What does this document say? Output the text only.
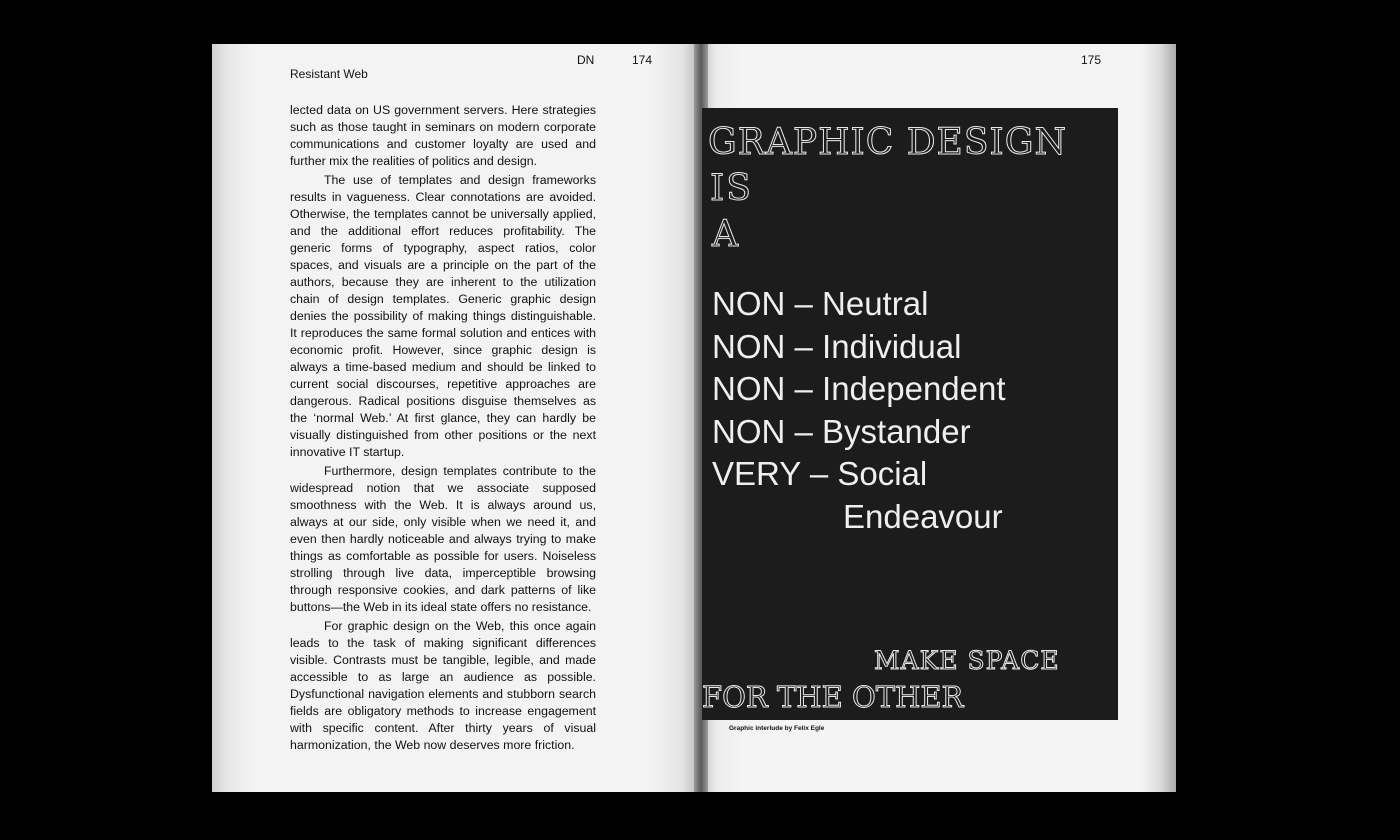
Resistant Web
DN	174

lected data on US government servers. Here strategies such as those taught in seminars on modern corporate communications and customer loyalty are used and further mix the realities of politics and design.

The use of templates and design frameworks results in vagueness. Clear connotations are avoided. Otherwise, the templates cannot be universally applied, and the additional effort reduces profitability. The generic forms of typography, aspect ratios, color spaces, and visuals are a principle on the part of the authors, because they are inherent to the utilization chain of design templates. Generic graphic design denies the possibility of making things distinguishable. It reproduces the same formal solution and entices with economic profit. However, since graphic design is always a time-based medium and should be linked to current social discourses, repetitive approaches are dangerous. Radical positions disguise themselves as the ‘normal Web.’ At first glance, they can hardly be visually distinguished from other positions or the next innovative IT startup.

Furthermore, design templates contribute to the widespread notion that we associate supposed smoothness with the Web. It is always around us, always at our side, only visible when we need it, and even then hardly noticeable and always trying to make things as comfortable as possible for users. Noiseless strolling through live data, imperceptible browsing through responsive cookies, and dark patterns of like buttons—the Web in its ideal state offers no resistance.

For graphic design on the Web, this once again leads to the task of making significant differences visible. Contrasts must be tangible, legible, and made accessible to as large an audience as possible. Dysfunctional navigation elements and stubborn search fields are obligatory methods to increase engagement with specific content. After thirty years of visual harmonization, the Web now deserves more friction.

175
GRAPHIC DESIGN
IS
A
NON – Neutral
NON – Individual
NON – Independent
NON – Bystander
VERY – Social
Endeavour
MAKE SPACE
FOR THE OTHER
Graphic interlude by Felix Egle
